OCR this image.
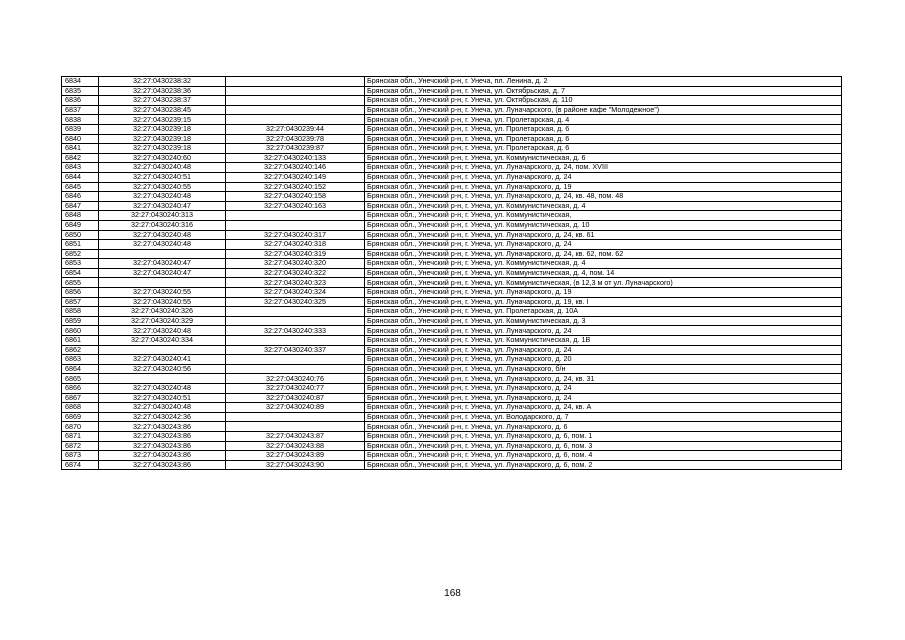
6834	32:27:0430238:32		Брянская обл., Унечский р-н, г. Унеча, пл. Ленина, д. 2
6835	32:27:0430238:36		Брянская обл., Унечский р-н, г. Унеча, ул. Октябрьская, д. 7
6836	32:27:0430238:37		Брянская обл., Унечский р-н, г. Унеча, ул. Октябрьская, д. 110
6837	32:27:0430238:45		Брянская обл., Унечский р-н, г. Унеча, ул. Луначарского, (в районе кафе "Молодежное")
6838	32:27:0430239:15		Брянская обл., Унечский р-н, г. Унеча, ул. Пролетарская, д. 4
6839	32:27:0430239:18	32:27:0430239:44	Брянская обл., Унечский р-н, г. Унеча, ул. Пролетарская, д. 6
6840	32:27:0430239:18	32:27:0430239:78	Брянская обл., Унечский р-н, г. Унеча, ул. Пролетарская, д. 6
6841	32:27:0430239:18	32:27:0430239:87	Брянская обл., Унечский р-н, г. Унеча, ул. Пролетарская, д. 6
6842	32:27:0430240:60	32:27:0430240:133	Брянская обл., Унечский р-н, г. Унеча, ул. Коммунистическая, д. 6
6843	32:27:0430240:48	32:27:0430240:146	Брянская обл., Унечский р-н, г. Унеча, ул. Луначарского, д. 24, пом. XVIII
6844	32:27:0430240:51	32:27:0430240:149	Брянская обл., Унечский р-н, г. Унеча, ул. Луначарского, д. 24
6845	32:27:0430240:55	32:27:0430240:152	Брянская обл., Унечский р-н, г. Унеча, ул. Луначарского, д. 19
6846	32:27:0430240:48	32:27:0430240:158	Брянская обл., Унечский р-н, г. Унеча, ул. Луначарского, д. 24, кв. 48, пом. 48
6847	32:27:0430240:47	32:27:0430240:163	Брянская обл., Унечский р-н, г. Унеча, ул. Коммунистическая, д. 4
6848	32:27:0430240:313		Брянская обл., Унечский р-н, г. Унеча, ул. Коммунистическая,
6849	32:27:0430240:316		Брянская обл., Унечский р-н, г. Унеча, ул. Коммунистическая, д. 10
6850	32:27:0430240:48	32:27:0430240:317	Брянская обл., Унечский р-н, г. Унеча, ул. Луначарского, д. 24, кв. 61
6851	32:27:0430240:48	32:27:0430240:318	Брянская обл., Унечский р-н, г. Унеча, ул. Луначарского, д. 24
6852		32:27:0430240:319	Брянская обл., Унечский р-н, г. Унеча, ул. Луначарского, д. 24, кв. 62, пом. 62
6853	32:27:0430240:47	32:27:0430240:320	Брянская обл., Унечский р-н, г. Унеча, ул. Коммунистическая, д. 4
6854	32:27:0430240:47	32:27:0430240:322	Брянская обл., Унечский р-н, г. Унеча, ул. Коммунистическая, д. 4, пом. 14
6855		32:27:0430240:323	Брянская обл., Унечский р-н, г. Унеча, ул. Коммунистическая, (в 12,3 м от ул. Луначарского)
6856	32:27:0430240:55	32:27:0430240:324	Брянская обл., Унечский р-н, г. Унеча, ул. Луначарского, д. 19
6857	32:27:0430240:55	32:27:0430240:325	Брянская обл., Унечский р-н, г. Унеча, ул. Луначарского, д. 19, кв. I
6858	32:27:0430240:326		Брянская обл., Унечский р-н, г. Унеча, ул. Пролетарская, д. 10А
6859	32:27:0430240:329		Брянская обл., Унечский р-н, г. Унеча, ул. Коммунистическая, д. 3
6860	32:27:0430240:48	32:27:0430240:333	Брянская обл., Унечский р-н, г. Унеча, ул. Луначарского, д. 24
6861	32:27:0430240:334		Брянская обл., Унечский р-н, г. Унеча, ул. Коммунистическая, д. 1В
6862		32:27:0430240:337	Брянская обл., Унечский р-н, г. Унеча, ул. Луначарского, д. 24
6863	32:27:0430240:41		Брянская обл., Унечский р-н, г. Унеча, ул. Луначарского, д. 20
6864	32:27:0430240:56		Брянская обл., Унечский р-н, г. Унеча, ул. Луначарского, б/н
6865		32:27:0430240:76	Брянская обл., Унечский р-н, г. Унеча, ул. Луначарского, д. 24, кв. 31
6866	32:27:0430240:48	32:27:0430240:77	Брянская обл., Унечский р-н, г. Унеча, ул. Луначарского, д. 24
6867	32:27:0430240:51	32:27:0430240:87	Брянская обл., Унечский р-н, г. Унеча, ул. Луначарского, д. 24
6868	32:27:0430240:48	32:27:0430240:89	Брянская обл., Унечский р-н, г. Унеча, ул. Луначарского, д. 24, кв. А
6869	32:27:0430242:36		Брянская обл., Унечский р-н, г. Унеча, ул. Володарского, д. 7
6870	32:27:0430243:86		Брянская обл., Унечский р-н, г. Унеча, ул. Луначарского, д. 6
6871	32:27:0430243:86	32:27:0430243:87	Брянская обл., Унечский р-н, г. Унеча, ул. Луначарского, д. 6, пом. 1
6872	32:27:0430243:86	32:27:0430243:88	Брянская обл., Унечский р-н, г. Унеча, ул. Луначарского, д. 6, пом. 3
6873	32:27:0430243:86	32:27:0430243:89	Брянская обл., Унечский р-н, г. Унеча, ул. Луначарского, д. 6, пом. 4
6874	32:27:0430243:86	32:27:0430243:90	Брянская обл., Унечский р-н, г. Унеча, ул. Луначарского, д. 6, пом. 2
168
